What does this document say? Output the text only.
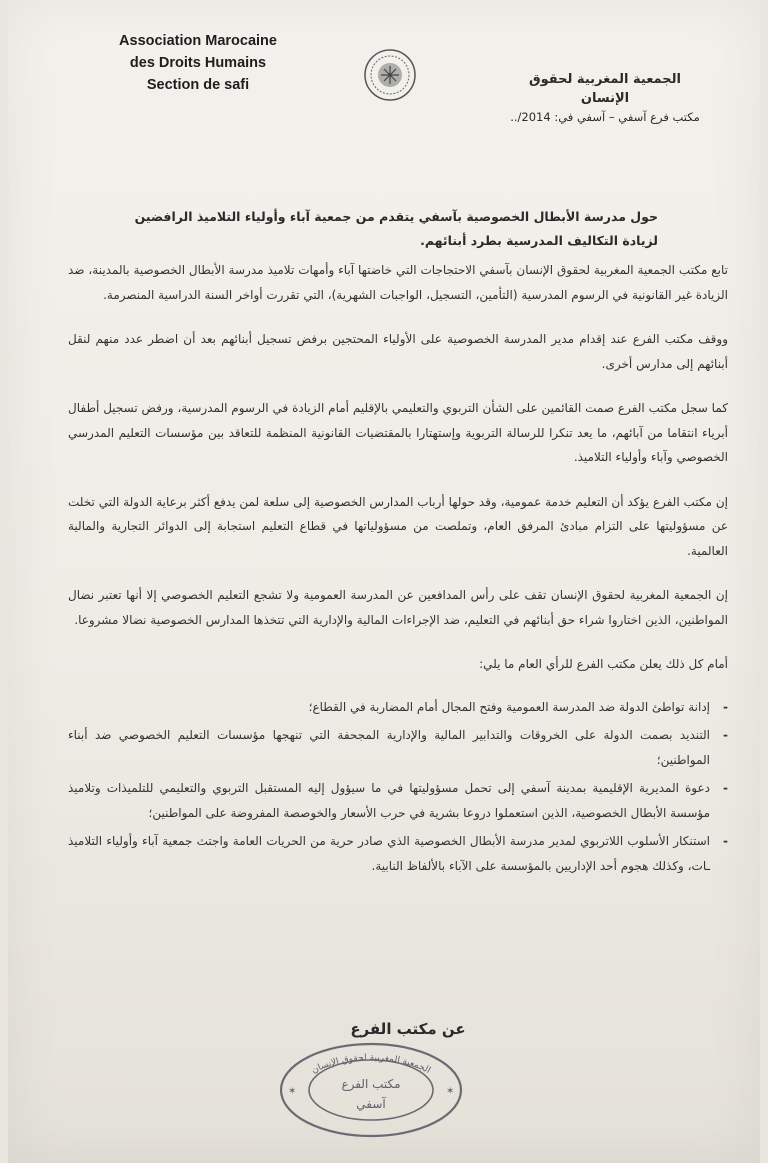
Association Marocaine
des Droits Humains
Section de safi	الجمعية المغربية لحقوق
الإنسان
مكتب فرع آسفي – آسفي في: 2014/..
حول مدرسة الأبطال الخصوصية بآسفي يتقدم من جمعية آباء وأولياء التلاميذ الرافضين لزيادة التكاليف المدرسية بطرد أبنائهم.

تابع مكتب الجمعية المغربية لحقوق الإنسان بآسفي الاحتجاجات التي خاضتها آباء وأمهات تلاميذ مدرسة الأبطال الخصوصية بالمدينة، ضد الزيادة غير القانونية في الرسوم المدرسية (التأمين، التسجيل، الواجبات الشهرية)، التي تقررت أواخر السنة الدراسية المنصرمة.

ووقف مكتب الفرع عند إقدام مدير المدرسة الخصوصية على الأولياء المحتجين برفض تسجيل أبنائهم بعد أن اضطر عدد منهم لنقل أبنائهم إلى مدارس أخرى.

كما سجل مكتب الفرع صمت القائمين على الشأن التربوي والتعليمي بالإقليم أمام الزيادة في الرسوم المدرسية، ورفض تسجيل أطفال أبرياء انتقاما من آبائهم، ما يعد تنكرا للرسالة التربوية وإستهتارا بالمقتضيات القانونية المنظمة للتعاقد بين مؤسسات التعليم المدرسي الخصوصي وآباء وأولياء التلاميذ.

إن مكتب الفرع يؤكد أن التعليم خدمة عمومية، وقد حولها أرباب المدارس الخصوصية إلى سلعة لمن يدفع أكثر برعاية الدولة التي تخلت عن مسؤوليتها على التزام مبادئ المرفق العام، وتملصت من مسؤولياتها في قطاع التعليم استجابة إلى الدوائر التجارية والمالية العالمية.

إن الجمعية المغربية لحقوق الإنسان تقف على رأس المدافعين عن المدرسة العمومية ولا تشجع التعليم الخصوصي إلا أنها تعتبر نضال المواطنين، الذين اختاروا شراء حق أبنائهم في التعليم، ضد الإجراءات المالية والإدارية التي تتخذها المدارس الخصوصية نضالا مشروعا.

أمام كل ذلك يعلن مكتب الفرع للرأي العام ما يلي:

- إدانة تواطئ الدولة ضد المدرسة العمومية وفتح المجال أمام المضاربة في القطاع؛
- التنديد بصمت الدولة على الخروقات والتدابير المالية والإدارية المجحفة التي تنهجها مؤسسات التعليم الخصوصي ضد أبناء المواطنين؛
- دعوة المديرية الإقليمية بمدينة آسفي إلى تحمل مسؤوليتها في ما سيؤول إليه المستقبل التربوي والتعليمي للتلميذات وتلاميذ مؤسسة الأبطال الخصوصية، الذين استعملوا دروعا بشرية في حرب الأسعار والخوصصة المفروضة على المواطنين؛
- استنكار الأسلوب اللاتربوي لمدير مدرسة الأبطال الخصوصية الذي صادر حرية من الحريات العامة واجتث جمعية آباء وأولياء التلاميذ ـات، وكذلك هجوم أحد الإداريين بالمؤسسة على الآباء بالألفاظ النابية.
عن مكتب الفرع
الجمعية المغربية لحقوق الإنسان
مكتب الفرع
آسفي
✶	✶
